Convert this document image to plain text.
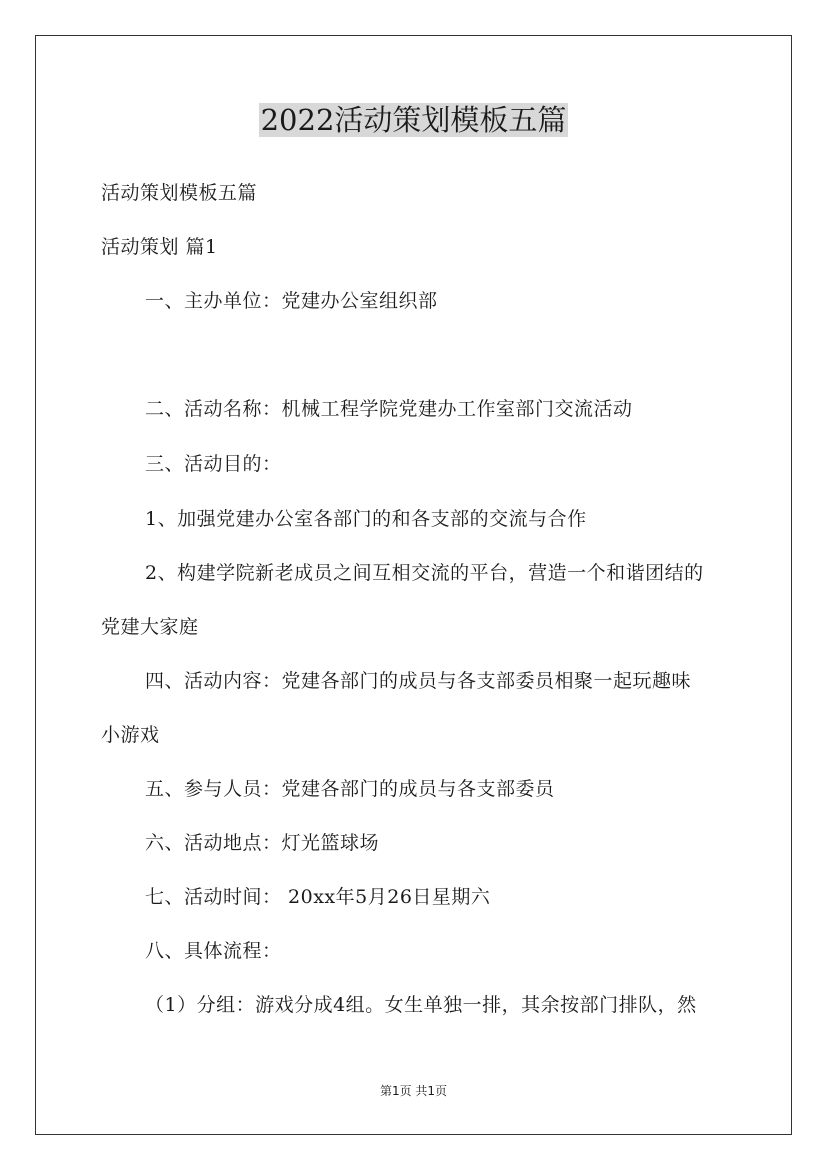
2022活动策划模板五篇
活动策划模板五篇
活动策划 篇1
一、主办单位：党建办公室组织部
二、活动名称：机械工程学院党建办工作室部门交流活动
三、活动目的：
1、加强党建办公室各部门的和各支部的交流与合作
2、构建学院新老成员之间互相交流的平台，营造一个和谐团结的
党建大家庭
四、活动内容：党建各部门的成员与各支部委员相聚一起玩趣味
小游戏
五、参与人员：党建各部门的成员与各支部委员
六、活动地点：灯光篮球场
七、活动时间： 20xx年5月26日星期六
八、具体流程：
（1）分组：游戏分成4组。女生单独一排，其余按部门排队，然
第1页 共1页
